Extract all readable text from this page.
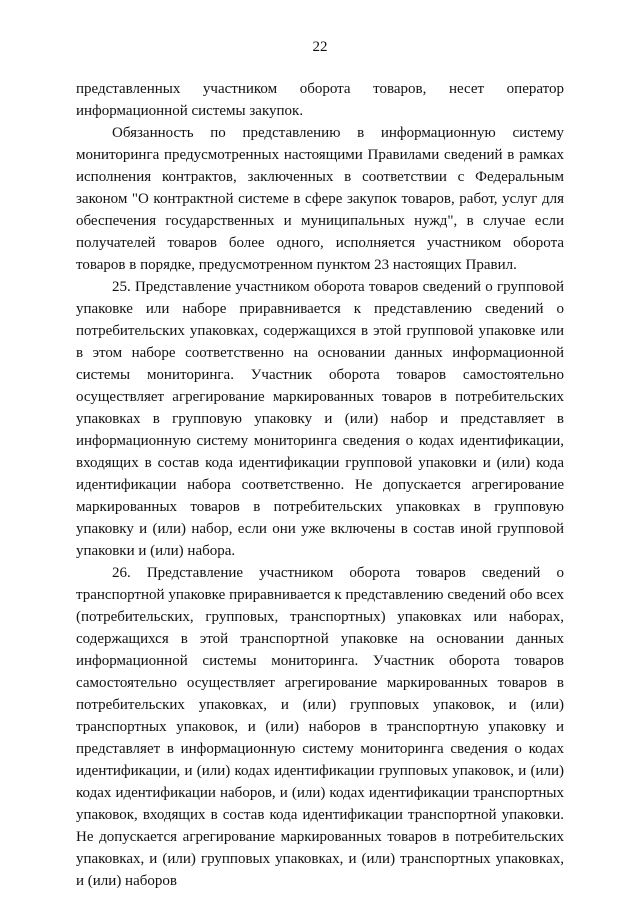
22

представленных участником оборота товаров, несет оператор информационной системы закупок.

Обязанность по представлению в информационную систему мониторинга предусмотренных настоящими Правилами сведений в рамках исполнения контрактов, заключенных в соответствии с Федеральным законом "О контрактной системе в сфере закупок товаров, работ, услуг для обеспечения государственных и муниципальных нужд", в случае если получателей товаров более одного, исполняется участником оборота товаров в порядке, предусмотренном пунктом 23 настоящих Правил.

25. Представление участником оборота товаров сведений о групповой упаковке или наборе приравнивается к представлению сведений о потребительских упаковках, содержащихся в этой групповой упаковке или в этом наборе соответственно на основании данных информационной системы мониторинга. Участник оборота товаров самостоятельно осуществляет агрегирование маркированных товаров в потребительских упаковках в групповую упаковку и (или) набор и представляет в информационную систему мониторинга сведения о кодах идентификации, входящих в состав кода идентификации групповой упаковки и (или) кода идентификации набора соответственно. Не допускается агрегирование маркированных товаров в потребительских упаковках в групповую упаковку и (или) набор, если они уже включены в состав иной групповой упаковки и (или) набора.

26. Представление участником оборота товаров сведений о транспортной упаковке приравнивается к представлению сведений обо всех (потребительских, групповых, транспортных) упаковках или наборах, содержащихся в этой транспортной упаковке на основании данных информационной системы мониторинга. Участник оборота товаров самостоятельно осуществляет агрегирование маркированных товаров в потребительских упаковках, и (или) групповых упаковок, и (или) транспортных упаковок, и (или) наборов в транспортную упаковку и представляет в информационную систему мониторинга сведения о кодах идентификации, и (или) кодах идентификации групповых упаковок, и (или) кодах идентификации наборов, и (или) кодах идентификации транспортных упаковок, входящих в состав кода идентификации транспортной упаковки. Не допускается агрегирование маркированных товаров в потребительских упаковках, и (или) групповых упаковках, и (или) транспортных упаковках, и (или) наборов
